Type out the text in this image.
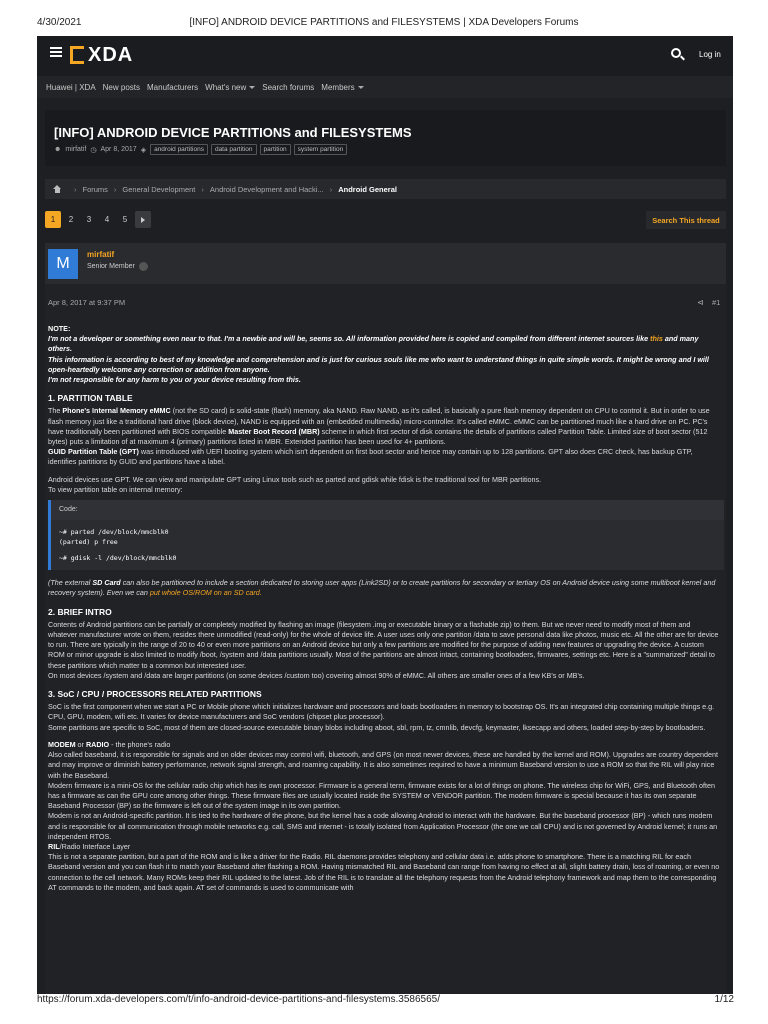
4/30/2021	[INFO] ANDROID DEVICE PARTITIONS and FILESYSTEMS | XDA Developers Forums
XDA	Log in
Huawei | XDA New posts Manufacturers What's new	Search forums Members
[INFO] ANDROID DEVICE PARTITIONS and FILESYSTEMS
☻ mirfatif ◷ Apr 8, 2017 ◈	android partitions	data partition	partition	system partition
› Forums › General Development › Android Development and Hacki... › Android General
1	2	3	4	5	Search This thread
M
mirfatif
Senior Member
Apr 8, 2017 at 9:37 PM	⊲ #1

NOTE:

I'm not a developer or something even near to that. I'm a newbie and will be, seems so. All information provided here is copied and compiled from different internet sources like this and many others.

This information is according to best of my knowledge and comprehension and is just for curious souls like me who want to understand things in quite simple words. It might be wrong and I will open-heartedly welcome any correction or addition from anyone.

I'm not responsible for any harm to you or your device resulting from this.

1. PARTITION TABLE

The Phone's Internal Memory eMMC (not the SD card) is solid-state (flash) memory, aka NAND. Raw NAND, as it's called, is basically a pure flash memory dependent on CPU to control it. But in order to use flash memory just like a traditional hard drive (block device), NAND is equipped with an (embedded multimedia) micro-controller. It's called eMMC. eMMC can be partitioned much like a hard drive on PC. PC's have traditionally been partitioned with BIOS compatible Master Boot Record (MBR) scheme in which first sector of disk contains the details of partitions called Partition Table. Limited size of boot sector (512 bytes) puts a limitation of at maximum 4 (primary) partitions listed in MBR. Extended partition has been used for 4+ partitions.

GUID Partition Table (GPT) was introduced with UEFI booting system which isn't dependent on first boot sector and hence may contain up to 128 partitions. GPT also does CRC check, has backup GTP, identifies partitions by GUID and partitions have a label.

Android devices use GPT. We can view and manipulate GPT using Linux tools such as parted and gdisk while fdisk is the traditional tool for MBR partitions.

To view partition table on internal memory:

Code:
~# parted /dev/block/mmcblk0
(parted) p free
~# gdisk -l /dev/block/mmcblk0

(The external SD Card can also be partitioned to include a section dedicated to storing user apps (Link2SD) or to create partitions for secondary or tertiary OS on Android device using some multiboot kernel and recovery system). Even we can put whole OS/ROM on an SD card.

2. BRIEF INTRO

Contents of Android partitions can be partially or completely modified by flashing an image (filesystem .img or executable binary or a flashable zip) to them. But we never need to modify most of them and whatever manufacturer wrote on them, resides there unmodified (read-only) for the whole of device life. A user uses only one partition /data to save personal data like photos, music etc. All the other are for device to run. There are typically in the range of 20 to 40 or even more partitions on an Android device but only a few partitions are modified for the purpose of adding new features or upgrading the device. A custom ROM or minor upgrade is also limited to modify /boot, /system and /data partitions usually. Most of the partitions are almost intact, containing bootloaders, firmwares, settings etc. Here is a "summarized" detail to these partitions which matter to a common but interested user.

On most devices /system and /data are larger partitions (on some devices /custom too) covering almost 90% of eMMC. All others are smaller ones of a few KB's or MB's.

3. SoC / CPU / PROCESSORS RELATED PARTITIONS

SoC is the first component when we start a PC or Mobile phone which initializes hardware and processors and loads bootloaders in memory to bootstrap OS. It's an integrated chip containing multiple things e.g. CPU, GPU, modem, wifi etc. It varies for device manufacturers and SoC vendors (chipset plus processor).

Some partitions are specific to SoC, most of them are closed-source executable binary blobs including aboot, sbl, rpm, tz, cmnlib, devcfg, keymaster, lksecapp and others, loaded step-by-step by bootloaders.

MODEM or RADIO - the phone's radio

Also called baseband, it is responsible for signals and on older devices may control wifi, bluetooth, and GPS (on most newer devices, these are handled by the kernel and ROM). Upgrades are country dependent and may improve or diminish battery performance, network signal strength, and roaming capability. It is also sometimes required to have a minimum Baseband version to use a ROM so that the RIL will play nice with the Baseband.

Modern firmware is a mini-OS for the cellular radio chip which has its own processor. Firmware is a general term, firmware exists for a lot of things on phone. The wireless chip for WiFi, GPS, and Bluetooth often has a firmware as can the GPU core among other things. These firmware files are usually located inside the SYSTEM or VENDOR partition. The modem firmware is special because it has its own separate Baseband Processor (BP) so the firmware is left out of the system image in its own partition.

Modem is not an Android-specific partition. It is tied to the hardware of the phone, but the kernel has a code allowing Android to interact with the hardware. But the baseband processor (BP) - which runs modem and is responsible for all communication through mobile networks e.g. call, SMS and internet - is totally isolated from Application Processor (the one we call CPU) and is not governed by Android kernel; it runs an independent RTOS.

RIL/Radio Interface Layer

This is not a separate partition, but a part of the ROM and is like a driver for the Radio. RIL daemons provides telephony and cellular data i.e. adds phone to smartphone. There is a matching RIL for each Baseband version and you can flash it to match your Baseband after flashing a ROM. Having mismatched RIL and Baseband can range from having no effect at all, slight battery drain, loss of roaming, or even no connection to the cell network. Many ROMs keep their RIL updated to the latest. Job of the RIL is to translate all the telephony requests from the Android telephony framework and map them to the corresponding AT commands to the modem, and back again. AT set of commands is used to communicate with

https://forum.xda-developers.com/t/info-android-device-partitions-and-filesystems.3586565/	1/12
